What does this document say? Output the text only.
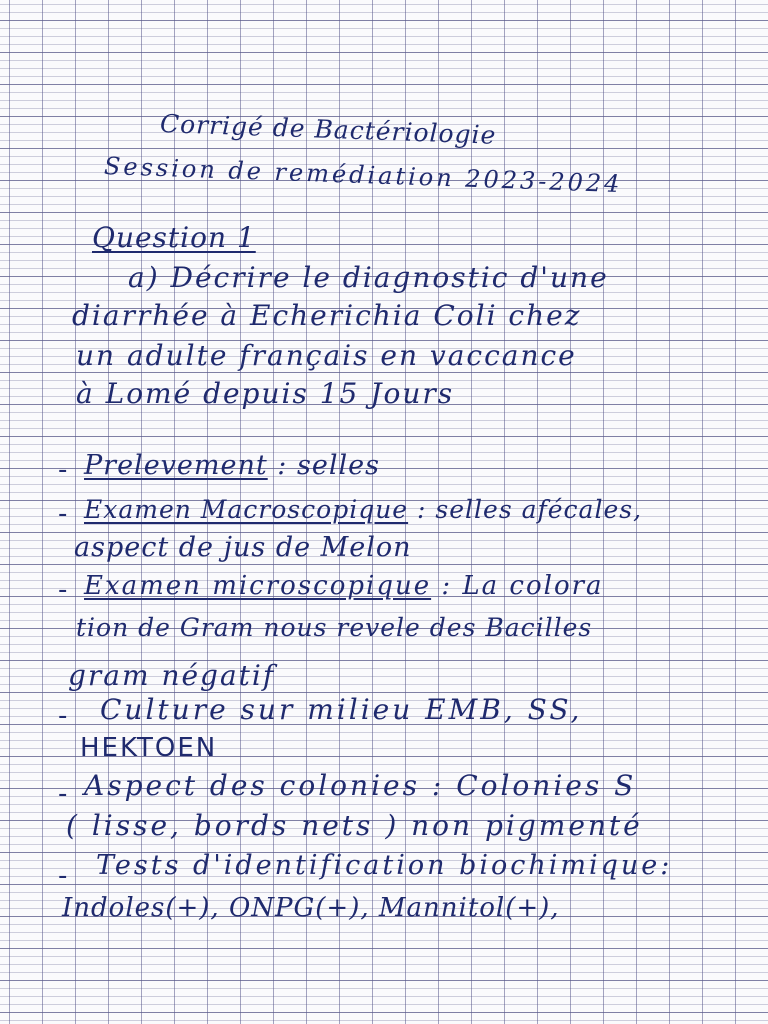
Corrigé de Bactériologie

Session de remédiation 2023-2024

Question 1

a) Décrire le diagnostic d'une

diarrhée à Echerichia Coli chez

un adulte français en vaccance

à Lomé depuis 15 Jours

- Prelevement : selles

- Examen Macroscopique : selles afécales,

aspect de jus de Melon

- Examen microscopique : La colora

tion de Gram nous revele des Bacilles

gram négatif

- Culture sur milieu EMB, SS,

HEKTOEN

- Aspect des colonies : Colonies S

( lisse, bords nets ) non pigmenté

- Tests d'identification biochimique:

Indoles(+), ONPG(+), Mannitol(+),
